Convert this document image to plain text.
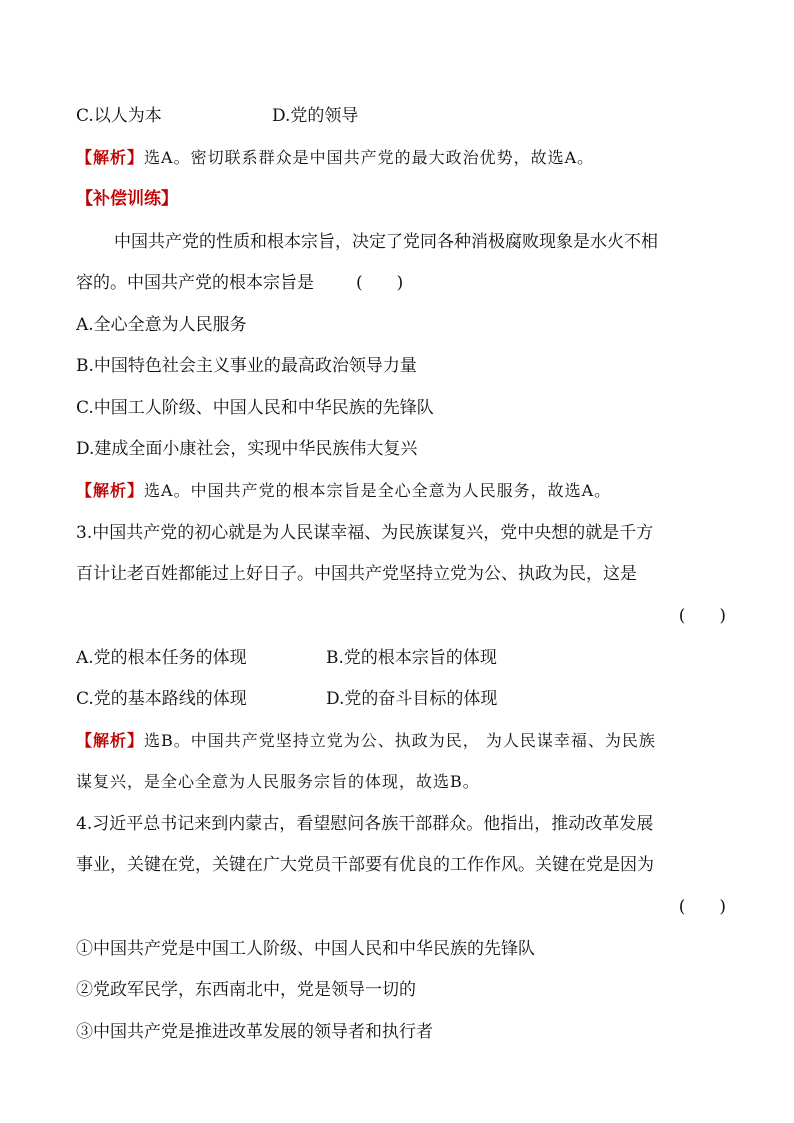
C.以人为本	D.党的领导
【解析】选A。密切联系群众是中国共产党的最大政治优势，故选A。
【补偿训练】
中国共产党的性质和根本宗旨，决定了党同各种消极腐败现象是水火不相
容的。中国共产党的根本宗旨是 (　　)
A.全心全意为人民服务
B.中国特色社会主义事业的最高政治领导力量
C.中国工人阶级、中国人民和中华民族的先锋队
D.建成全面小康社会，实现中华民族伟大复兴
【解析】选A。中国共产党的根本宗旨是全心全意为人民服务，故选A。
3.中国共产党的初心就是为人民谋幸福、为民族谋复兴，党中央想的就是千方
百计让老百姓都能过上好日子。中国共产党坚持立党为公、执政为民，这是
(　　)
A.党的根本任务的体现	B.党的根本宗旨的体现
C.党的基本路线的体现	D.党的奋斗目标的体现
【解析】选B。中国共产党坚持立党为公、执政为民， 为人民谋幸福、为民族
谋复兴，是全心全意为人民服务宗旨的体现，故选B。
4.习近平总书记来到内蒙古，看望慰问各族干部群众。他指出，推动改革发展
事业，关键在党，关键在广大党员干部要有优良的工作作风。关键在党是因为
(　　)
①中国共产党是中国工人阶级、中国人民和中华民族的先锋队
②党政军民学，东西南北中，党是领导一切的
③中国共产党是推进改革发展的领导者和执行者
